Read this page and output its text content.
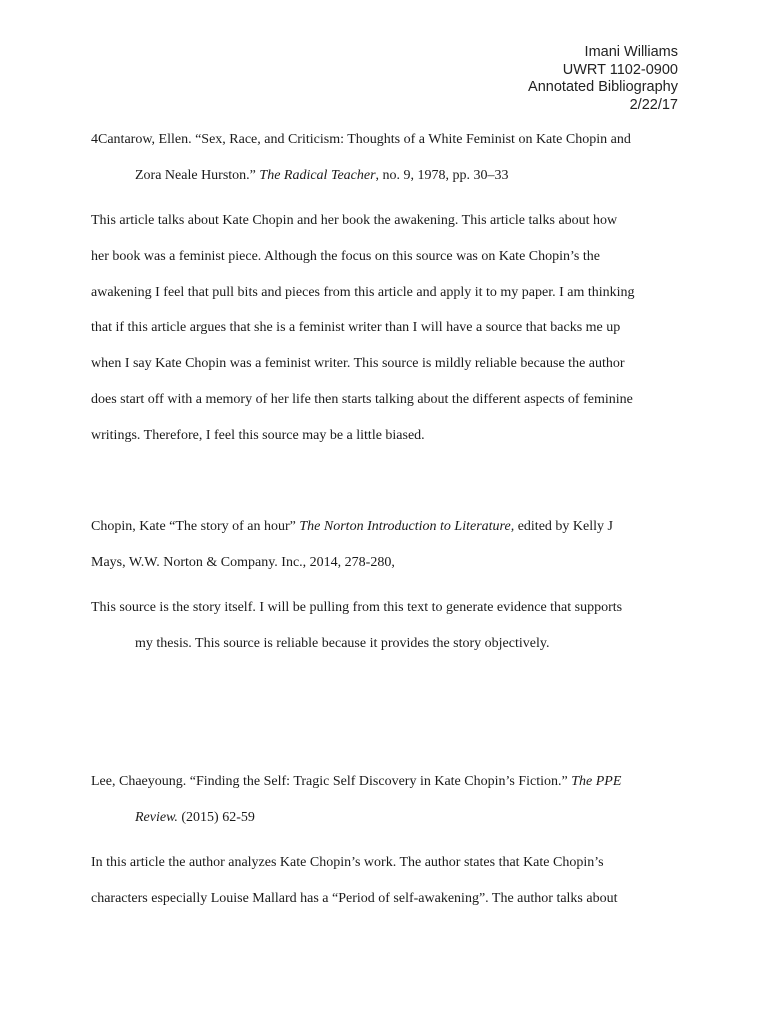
Imani Williams
UWRT 1102-0900
Annotated Bibliography
2/22/17
4Cantarow, Ellen. “Sex, Race, and Criticism: Thoughts of a White Feminist on Kate Chopin and
Zora Neale Hurston.” The Radical Teacher, no. 9, 1978, pp. 30–33
This article talks about Kate Chopin and her book the awakening. This article talks about how
her book was a feminist piece. Although the focus on this source was on Kate Chopin’s the
awakening I feel that pull bits and pieces from this article and apply it to my paper. I am thinking
that if this article argues that she is a feminist writer than I will have a source that backs me up
when I say Kate Chopin was a feminist writer. This source is mildly reliable because the author
does start off with a memory of her life then starts talking about the different aspects of feminine
writings. Therefore, I feel this source may be a little biased.
Chopin, Kate “The story of an hour” The Norton Introduction to Literature, edited by Kelly J
Mays, W.W. Norton & Company. Inc., 2014, 278-280,
This source is the story itself. I will be pulling from this text to generate evidence that supports
my thesis. This source is reliable because it provides the story objectively.
Lee, Chaeyoung. “Finding the Self: Tragic Self Discovery in Kate Chopin’s Fiction.” The PPE
Review. (2015) 62-59
In this article the author analyzes Kate Chopin’s work. The author states that Kate Chopin’s
characters especially Louise Mallard has a “Period of self-awakening”. The author talks about
